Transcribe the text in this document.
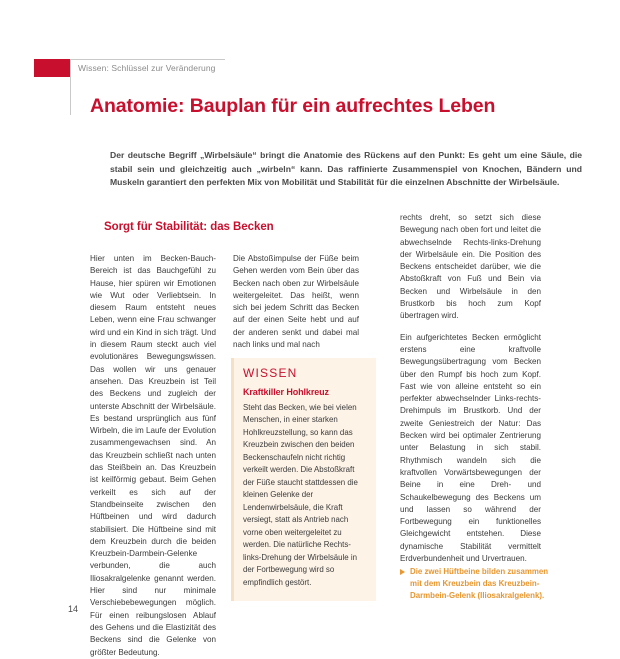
Wissen: Schlüssel zur Veränderung
Anatomie: Bauplan für ein aufrechtes Leben

Der deutsche Begriff „Wirbelsäule“ bringt die Anatomie des Rückens auf den Punkt: Es geht um eine Säule, die stabil sein und gleichzeitig auch „wirbeln“ kann. Das raffinierte Zusammenspiel von Knochen, Bändern und Muskeln garantiert den perfekten Mix von Mobilität und Stabilität für die einzelnen Abschnitte der Wirbelsäule.

Sorgt für Stabilität: das Becken

Hier unten im Becken-Bauch-Bereich ist das Bauchgefühl zu Hause, hier spüren wir Emotionen wie Wut oder Verliebtsein. In diesem Raum entsteht neues Leben, wenn eine Frau schwanger wird und ein Kind in sich trägt. Und in diesem Raum steckt auch viel evolutionäres Bewegungswissen. Das wollen wir uns genauer ansehen. Das Kreuzbein ist Teil des Beckens und zugleich der unterste Abschnitt der Wirbelsäule. Es bestand ursprünglich aus fünf Wirbeln, die im Laufe der Evolution zusammengewachsen sind. An das Kreuzbein schließt nach unten das Steißbein an. Das Kreuzbein ist keilförmig gebaut. Beim Gehen verkeilt es sich auf der Standbeinseite zwischen den Hüftbeinen und wird dadurch stabilisiert. Die Hüftbeine sind mit dem Kreuzbein durch die beiden Kreuzbein-Darmbein-Gelenke verbunden, die auch Iliosakralgelenke genannt werden. Hier sind nur minimale Verschiebebewegungen möglich. Für einen reibungslosen Ablauf des Gehens und die Elastizität des Beckens sind die Gelenke von größter Bedeutung.

Die Abstoßimpulse der Füße beim Gehen werden vom Bein über das Becken nach oben zur Wirbelsäule weitergeleitet. Das heißt, wenn sich bei jedem Schritt das Becken auf der einen Seite hebt und auf der anderen senkt und dabei mal nach links und mal nach

WISSEN
Kraftkiller Hohlkreuz
Steht das Becken, wie bei vielen Menschen, in einer starken Hohlkreuzstellung, so kann das Kreuzbein zwischen den beiden Beckenschaufeln nicht richtig verkeilt werden. Die Abstoßkraft der Füße staucht stattdessen die kleinen Gelenke der Lendenwirbelsäule, die Kraft versiegt, statt als Antrieb nach vorne oben weitergeleitet zu werden. Die natürliche Rechts-links-Drehung der Wirbelsäule in der Fortbewegung wird so empfindlich gestört.

rechts dreht, so setzt sich diese Bewegung nach oben fort und leitet die abwechselnde Rechts-links-Drehung der Wirbelsäule ein. Die Position des Beckens entscheidet darüber, wie die Abstoßkraft von Fuß und Bein via Becken und Wirbelsäule in den Brustkorb bis hoch zum Kopf übertragen wird.

Ein aufgerichtetes Becken ermöglicht erstens eine kraftvolle Bewegungsübertragung vom Becken über den Rumpf bis hoch zum Kopf. Fast wie von alleine entsteht so ein perfekter abwechselnder Links-rechts-Drehimpuls im Brustkorb. Und der zweite Geniestreich der Natur: Das Becken wird bei optimaler Zentrierung unter Belastung in sich stabil. Rhythmisch wandeln sich die kraftvollen Vorwärtsbewegungen der Beine in eine Dreh- und Schaukelbewegung des Beckens um und lassen so während der Fortbewegung ein funktionelles Gleichgewicht entstehen. Diese dynamische Stabilität vermittelt Erdverbundenheit und Urvertrauen.

Die zwei Hüftbeine bilden zusammen mit dem Kreuzbein das Kreuzbein-Darmbein-Gelenk (Iliosakralgelenk).
14
